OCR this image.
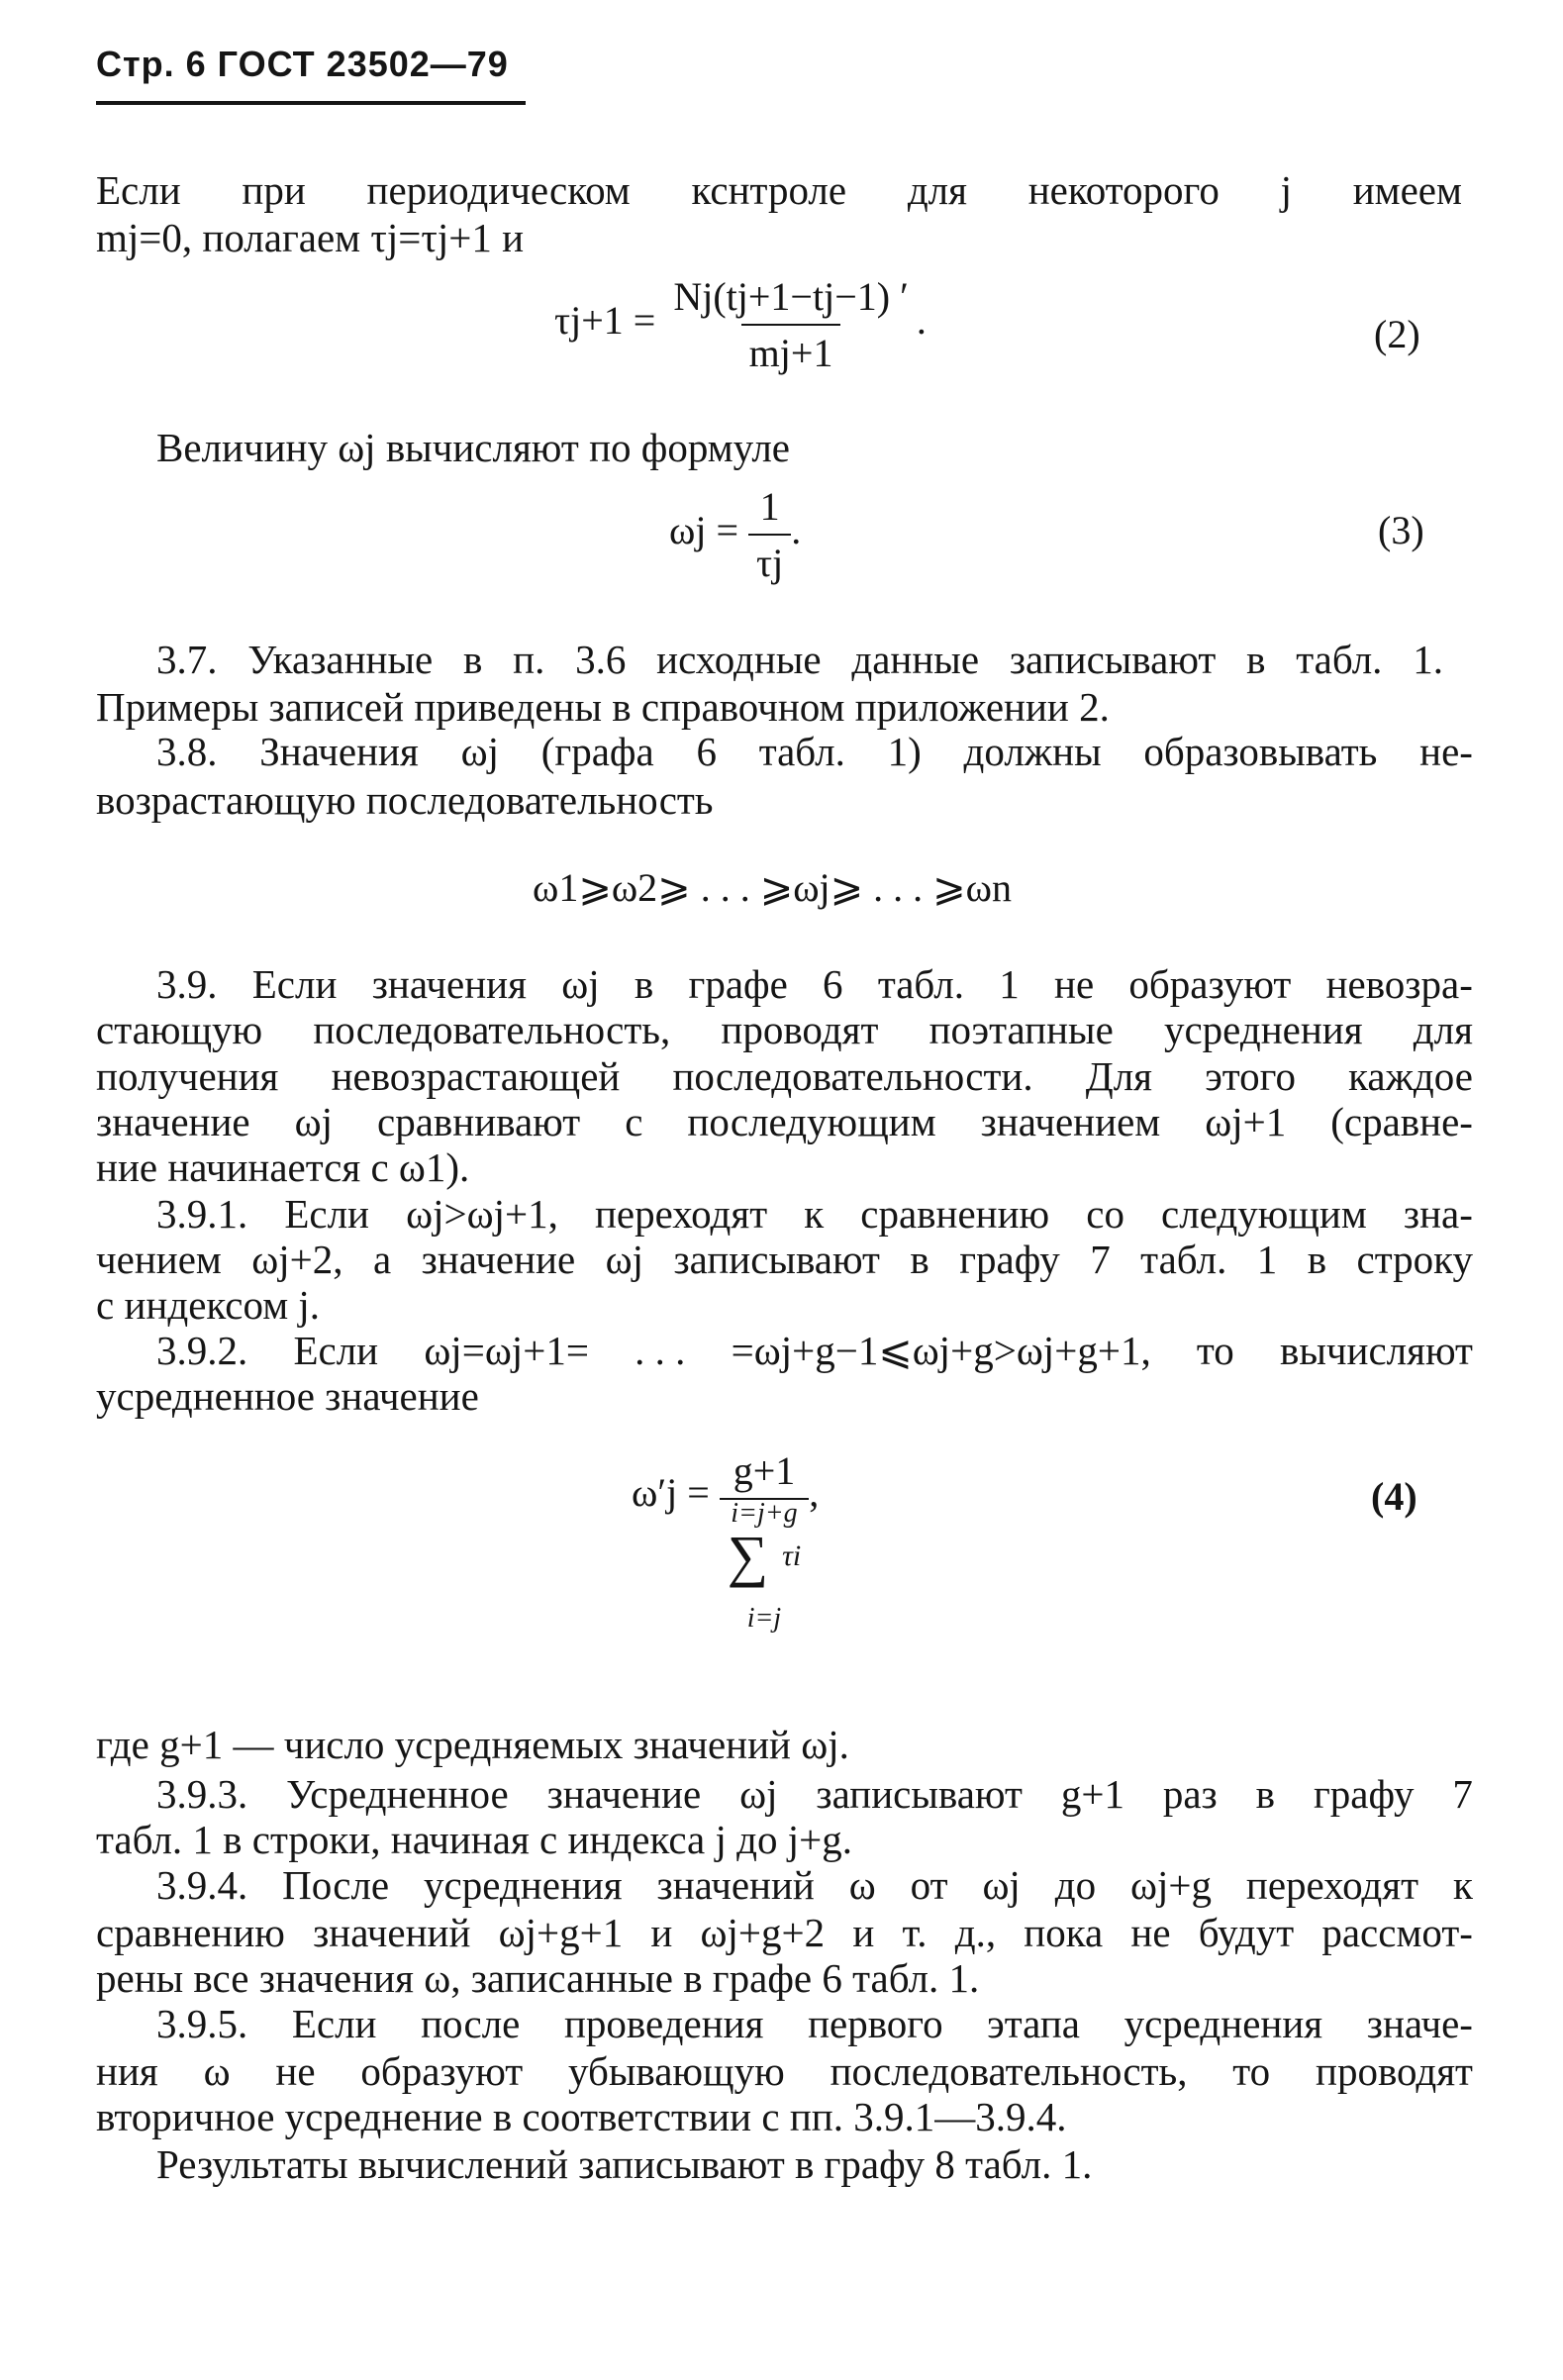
Стр. 6 ГОСТ 23502—79
Если при периодическом кснтроле для некоторого j имеем
mj=0, полагаем τj=τj+1 и
$\tau j+1 = \frac{Nj(tj+1-tj-1) '}{mj+1}$ .	(2)
Величину ωj вычисляют по формуле
$\omega j = \frac{1}{\tau j}$ .	(3)
3.7. Указанные в п. 3.6 исходные данные записывают в табл. 1.
Примеры записей приведены в справочном приложении 2.
3.8. Значения ωj (графа 6 табл. 1) должны образовывать не-
возрастающую последовательность
ω1⩾ω2⩾ . . . ⩾ωj⩾ . . . ⩾ωn
3.9. Если значения ωj в графе 6 табл. 1 не образуют невозра-
стающую последовательность, проводят поэтапные усреднения для
получения невозрастающей последовательности. Для этого каждое
значение ωj сравнивают с последующим значением ωj+1 (сравне-
ние начинается с ω1).
3.9.1. Если ωj>ωj+1, переходят к сравнению со следующим зна-
чением ωj+2, а значение ωj записывают в графу 7 табл. 1 в строку
с индексом j.
3.9.2. Если ωj=ωj+1= . . . =ωj+g−1⩽ωj+g>ωj+g+1, то вычисляют
усредненное значение
ω′j = g+1
i=j+g
∑ τi
i=j
,	(4)
где g+1 — число усредняемых значений ωj.
3.9.3. Усредненное значение ωj записывают g+1 раз в графу 7
табл. 1 в строки, начиная с индекса j до j+g.
3.9.4. После усреднения значений ω от ωj до ωj+g переходят к
сравнению значений ωj+g+1 и ωj+g+2 и т. д., пока не будут рассмот-
рены все значения ω, записанные в графе 6 табл. 1.
3.9.5. Если после проведения первого этапа усреднения значе-
ния ω не образуют убывающую последовательность, то проводят
вторичное усреднение в соответствии с пп. 3.9.1—3.9.4.
Результаты вычислений записывают в графу 8 табл. 1.
